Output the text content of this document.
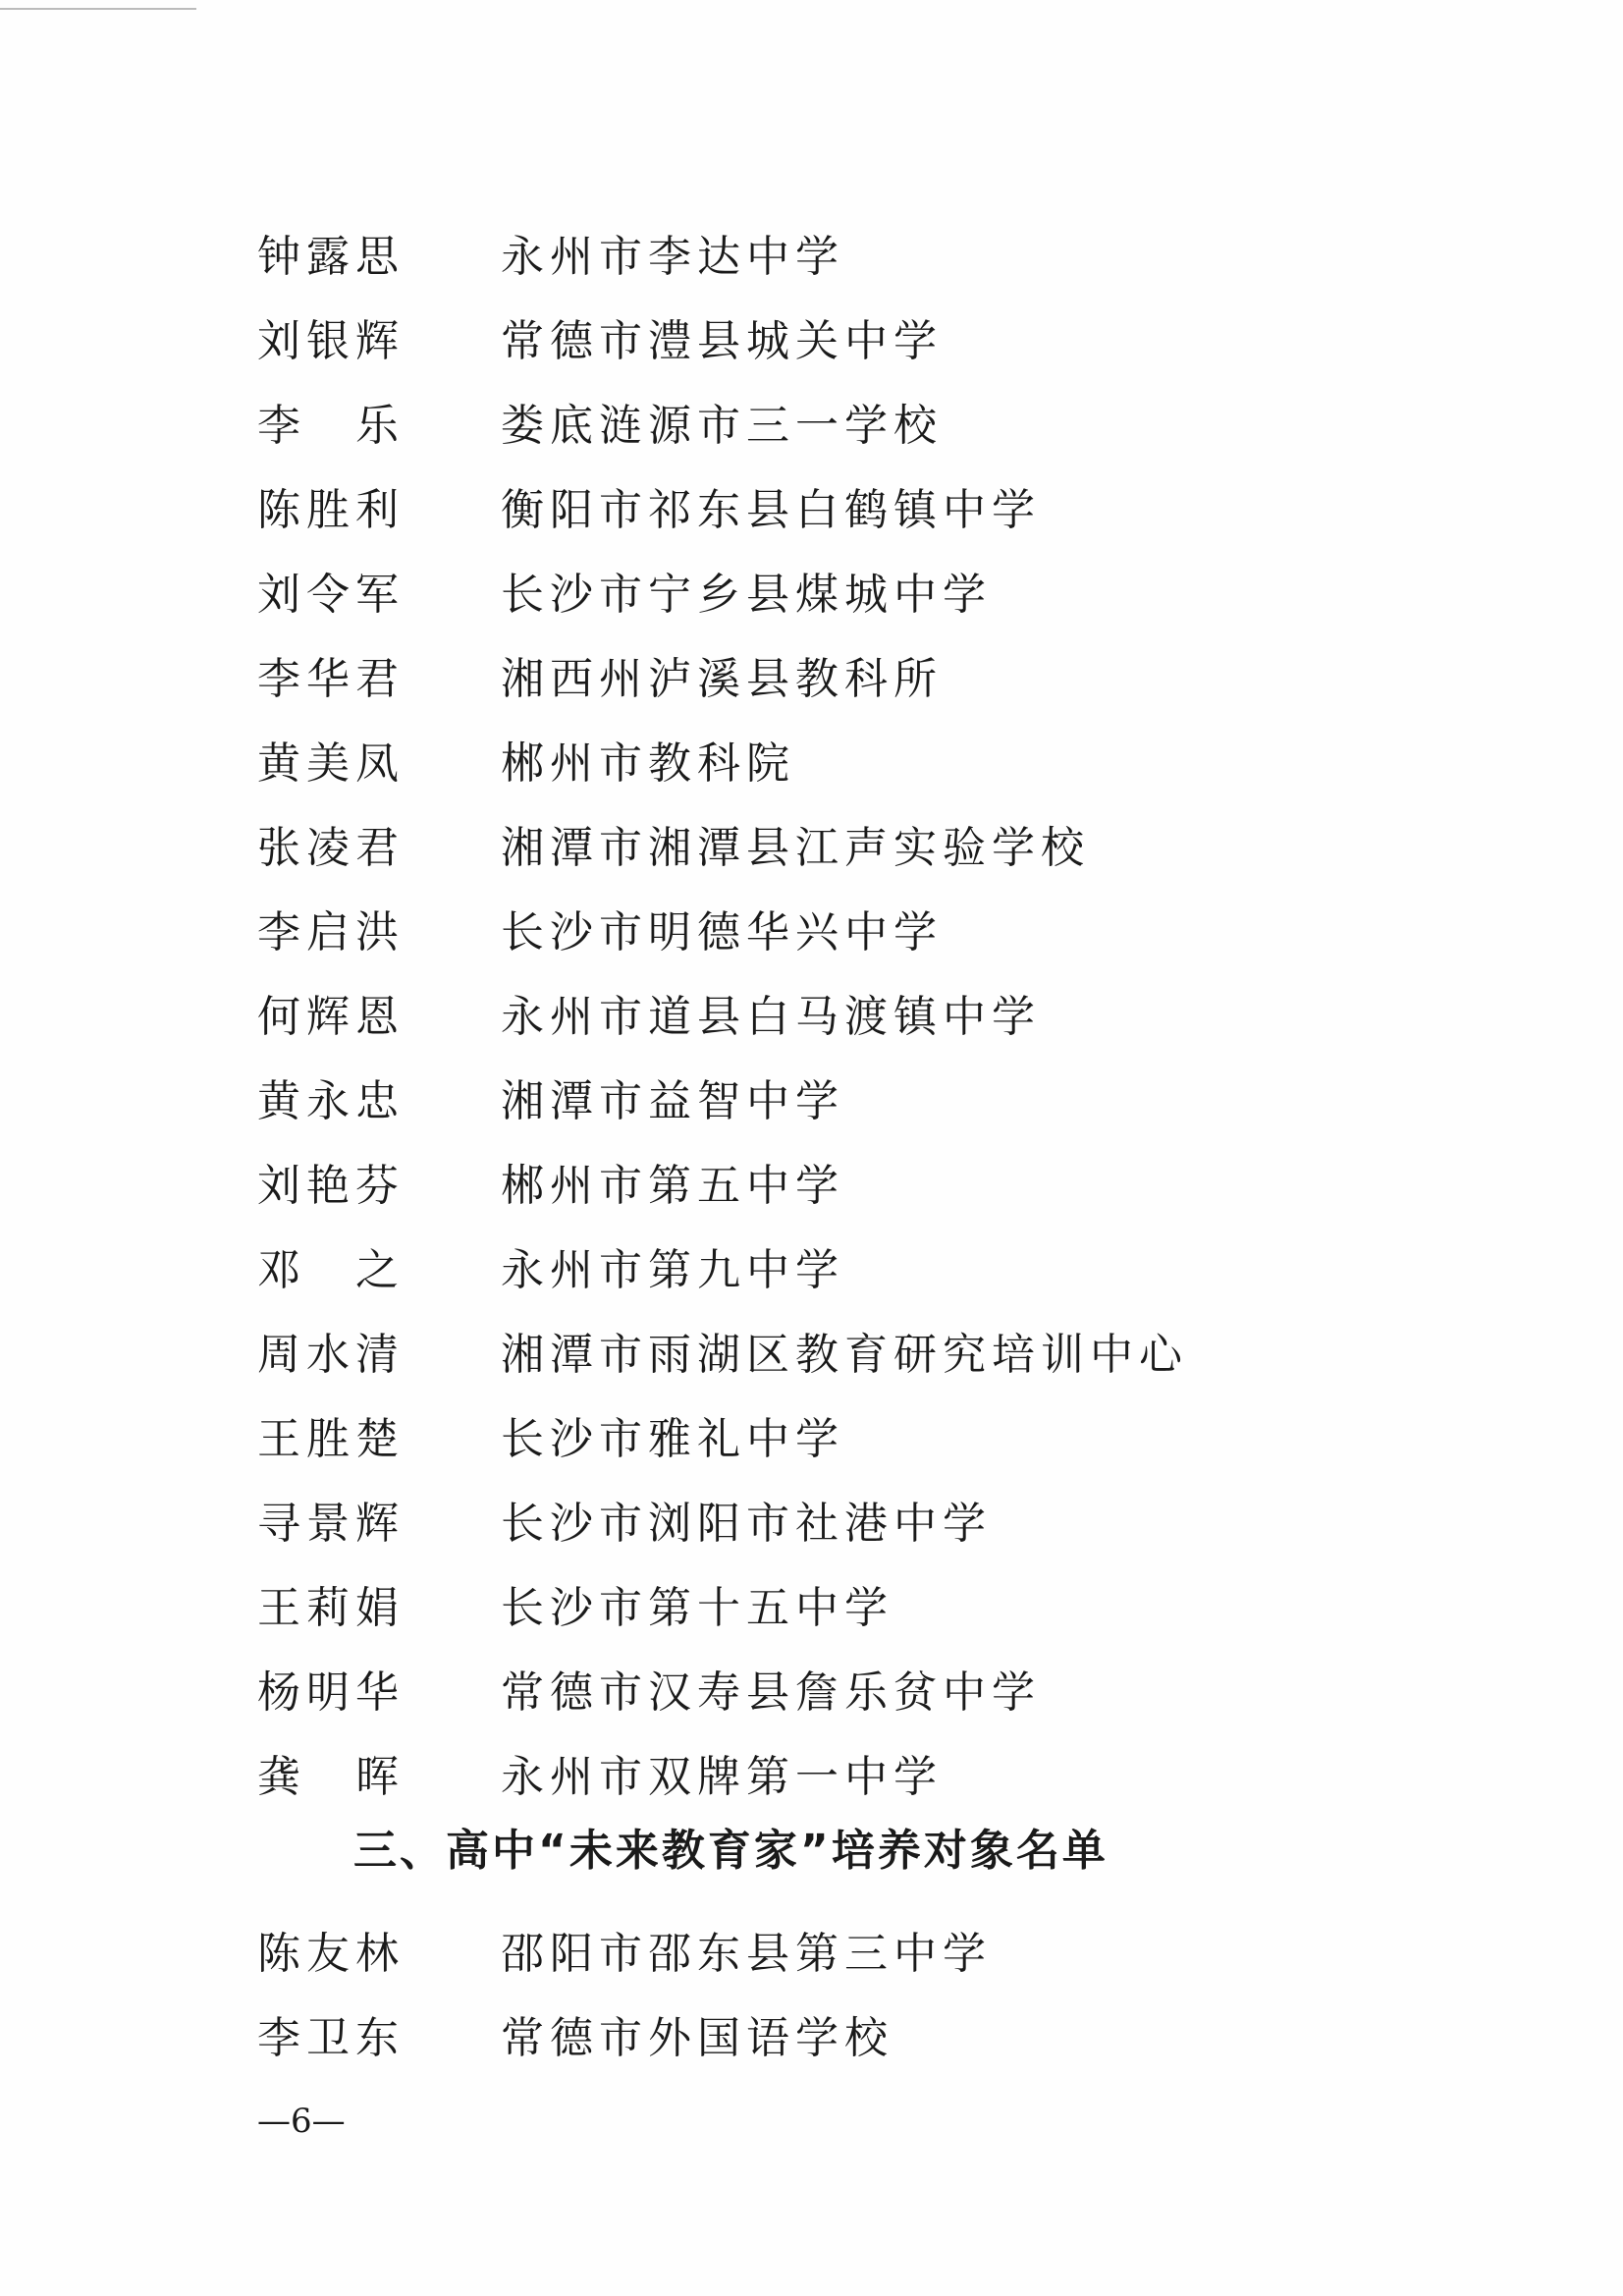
钟露思 永州市李达中学
刘银辉 常德市澧县城关中学
李　乐 娄底涟源市三一学校
陈胜利 衡阳市祁东县白鹤镇中学
刘令军 长沙市宁乡县煤城中学
李华君 湘西州泸溪县教科所
黄美凤 郴州市教科院
张凌君 湘潭市湘潭县江声实验学校
李启洪 长沙市明德华兴中学
何辉恩 永州市道县白马渡镇中学
黄永忠 湘潭市益智中学
刘艳芬 郴州市第五中学
邓　之 永州市第九中学
周水清 湘潭市雨湖区教育研究培训中心
王胜楚 长沙市雅礼中学
寻景辉 长沙市浏阳市社港中学
王莉娟 长沙市第十五中学
杨明华 常德市汉寿县詹乐贫中学
龚　晖 永州市双牌第一中学
三、高中“未来教育家”培养对象名单
陈友林 邵阳市邵东县第三中学
李卫东 常德市外国语学校
—6—
